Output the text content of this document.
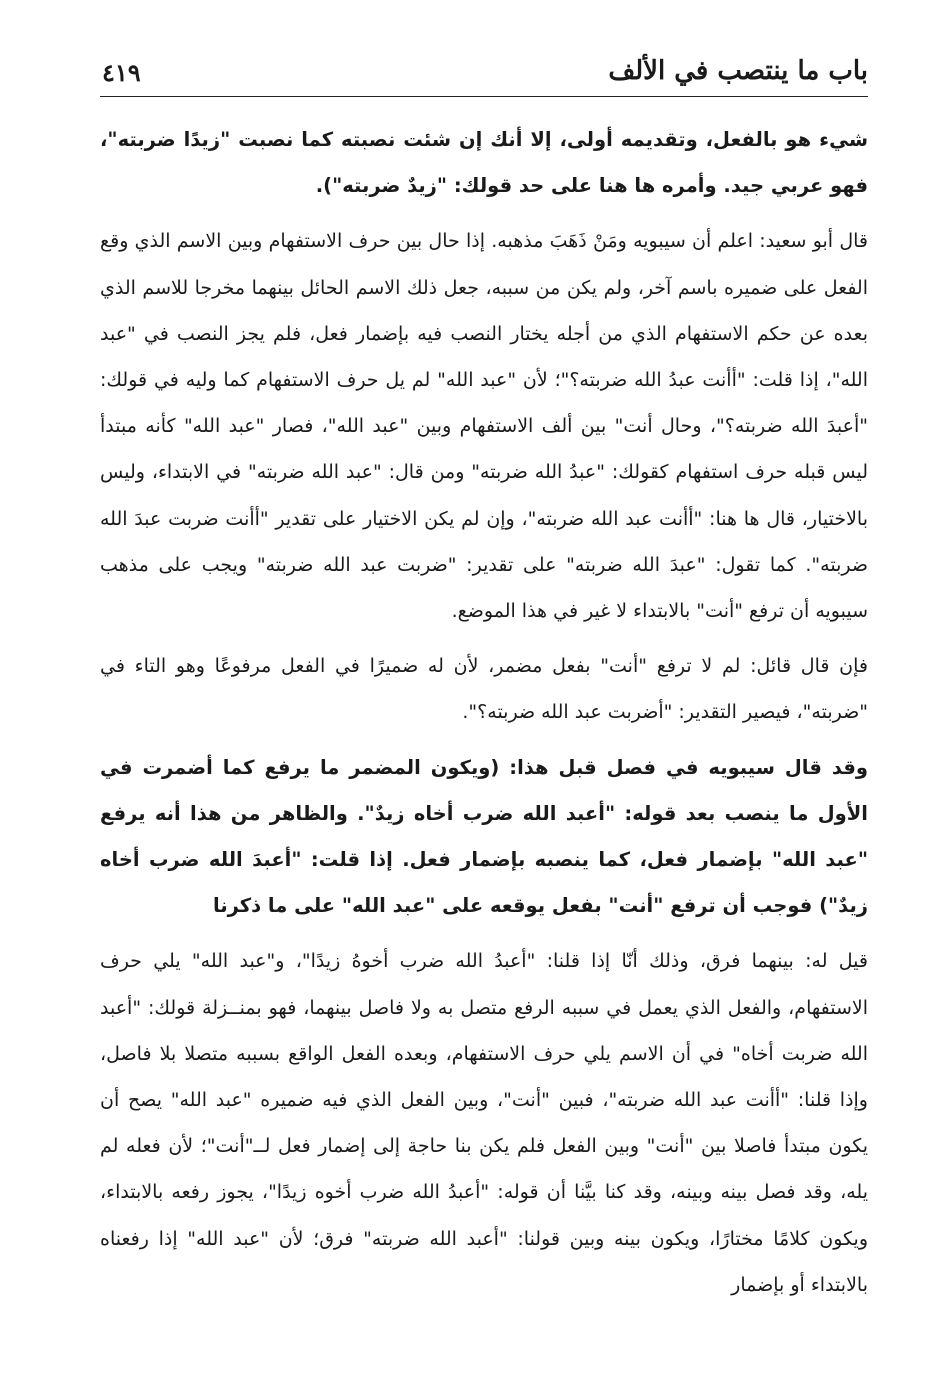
باب ما ينتصب في الألف
٤١٩

شيء هو بالفعل، وتقديمه أولى، إلا أنك إن شئت نصبته كما نصبت "زيدًا ضربته"، فهو عربي جيد. وأمره ها هنا على حد قولك: "زيدٌ ضربته").

قال أبو سعيد: اعلم أن سيبويه ومَنْ ذَهَبَ مذهبه. إذا حال بين حرف الاستفهام وبين الاسم الذي وقع الفعل على ضميره باسم آخر، ولم يكن من سببه، جعل ذلك الاسم الحائل بينهما مخرجا للاسم الذي بعده عن حكم الاستفهام الذي من أجله يختار النصب فيه بإضمار فعل، فلم يجز النصب في "عبد الله"، إذا قلت: "أأنت عبدُ الله ضربته؟"؛ لأن "عبد الله" لم يل حرف الاستفهام كما وليه في قولك: "أعبدَ الله ضربته؟"، وحال أنت" بين ألف الاستفهام وبين "عبد الله"، فصار "عبد الله" كأنه مبتدأ ليس قبله حرف استفهام كقولك: "عبدُ الله ضربته" ومن قال: "عبد الله ضربته" في الابتداء، وليس بالاختيار، قال ها هنا: "أأنت عبد الله ضربته"، وإن لم يكن الاختيار على تقدير "أأنت ضربت عبدَ الله ضربته". كما تقول: "عبدَ الله ضربته" على تقدير: "ضربت عبد الله ضربته" ويجب على مذهب سيبويه أن ترفع "أنت" بالابتداء لا غير في هذا الموضع.

فإن قال قائل: لم لا ترفع "أنت" بفعل مضمر، لأن له ضميرًا في الفعل مرفوعًا وهو التاء في "ضربته"، فيصير التقدير: "أضربت عبد الله ضربته؟".

وقد قال سيبويه في فصل قبل هذا: (ويكون المضمر ما يرفع كما أضمرت في الأول ما ينصب بعد قوله: "أعبد الله ضرب أخاه زيدٌ". والظاهر من هذا أنه يرفع "عبد الله" بإضمار فعل، كما ينصبه بإضمار فعل. إذا قلت: "أعبدَ الله ضرب أخاه زيدٌ") فوجب أن ترفع "أنت" بفعل يوقعه على "عبد الله" على ما ذكرنا

قيل له: بينهما فرق، وذلك أنّا إذا قلنا: "أعبدُ الله ضرب أخوهُ زيدًا"، و"عبد الله" يلي حرف الاستفهام، والفعل الذي يعمل في سببه الرفع متصل به ولا فاصل بينهما، فهو بمنــزلة قولك: "أعبد الله ضربت أخاه" في أن الاسم يلي حرف الاستفهام، وبعده الفعل الواقع بسببه متصلا بلا فاصل، وإذا قلنا: "أأنت عبد الله ضربته"، فبين "أنت"، وبين الفعل الذي فيه ضميره "عبد الله" يصح أن يكون مبتدأ فاصلا بين "أنت" وبين الفعل فلم يكن بنا حاجة إلى إضمار فعل لــ"أنت"؛ لأن فعله لم يله، وقد فصل بينه وبينه، وقد كنا بيَّنا أن قوله: "أعبدُ الله ضرب أخوه زيدًا"، يجوز رفعه بالابتداء، ويكون كلامًا مختارًا، ويكون بينه وبين قولنا: "أعبد الله ضربته" فرق؛ لأن "عبد الله" إذا رفعناه بالابتداء أو بإضمار
